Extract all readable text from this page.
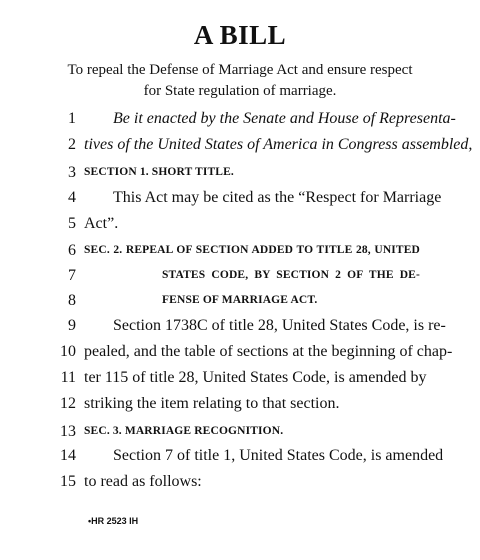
A BILL
To repeal the Defense of Marriage Act and ensure respect
for State regulation of marriage.
1	Be it enacted by the Senate and House of Representa-
2 tives of the United States of America in Congress assembled,
3 SECTION 1. SHORT TITLE.
4	This Act may be cited as the “Respect for Marriage
5 Act”.
6 SEC. 2. REPEAL OF SECTION ADDED TO TITLE 28, UNITED
7	STATES CODE, BY SECTION 2 OF THE DE-
8	FENSE OF MARRIAGE ACT.
9	Section 1738C of title 28, United States Code, is re-
10 pealed, and the table of sections at the beginning of chap-
11 ter 115 of title 28, United States Code, is amended by
12 striking the item relating to that section.
13 SEC. 3. MARRIAGE RECOGNITION.
14	Section 7 of title 1, United States Code, is amended
15 to read as follows:
•HR 2523 IH
